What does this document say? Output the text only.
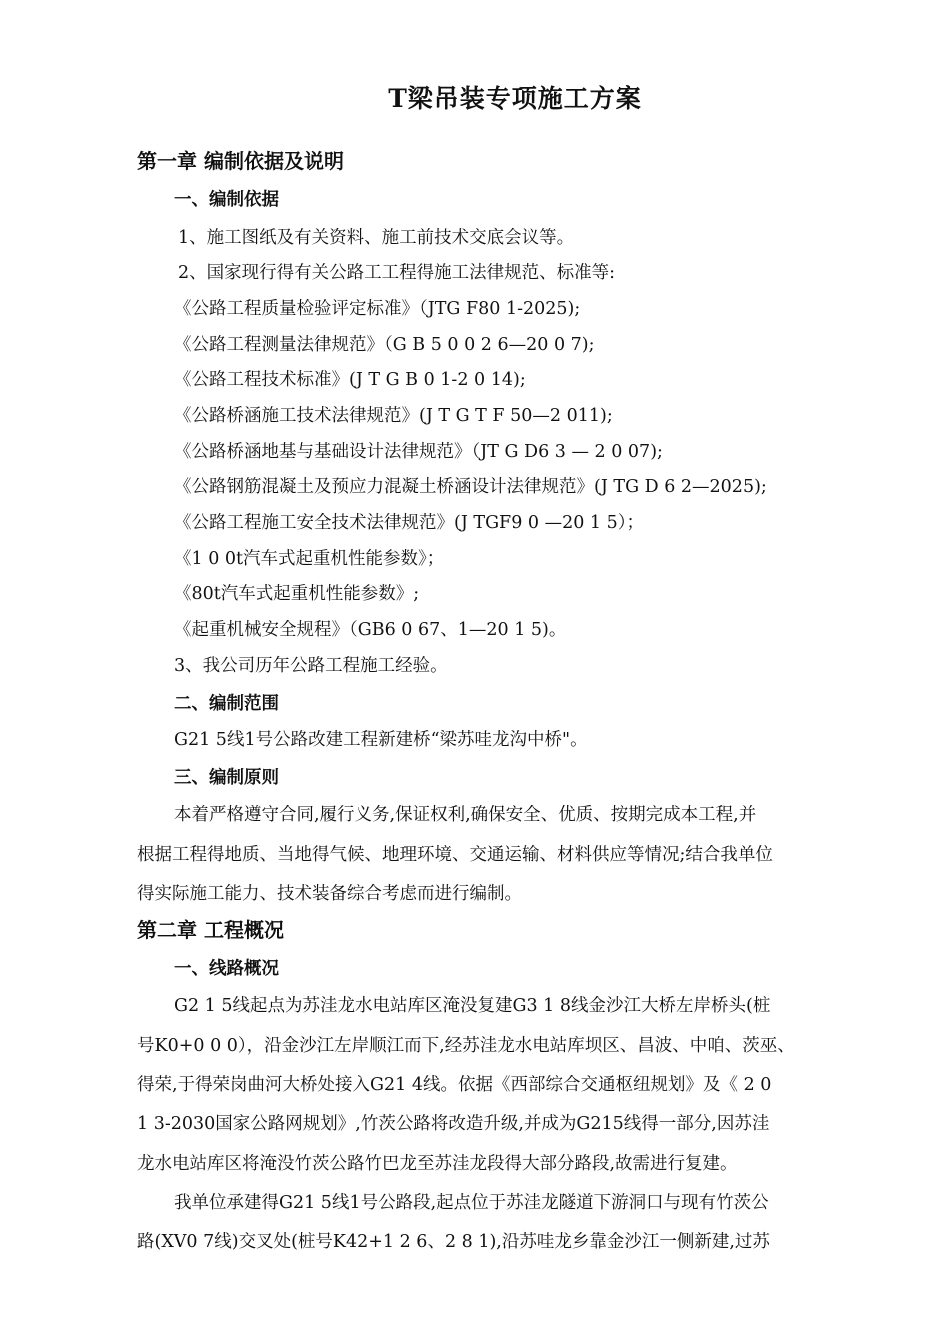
T梁吊装专项施工方案
第一章 编制依据及说明
一、编制依据
1、施工图纸及有关资料、施工前技术交底会议等。
2、国家现行得有关公路工工程得施工法律规范、标准等:
《公路工程质量检验评定标准》（JTG F80 1-2025);
《公路工程测量法律规范》（G B 5 0 0 2 6—20 0 7);
《公路工程技术标准》(J T G B 0 1-2 0 14);
《公路桥涵施工技术法律规范》(J T G T F 50—2 011);
《公路桥涵地基与基础设计法律规范》（JT G D6 3 — 2 0 07);
《公路钢筋混凝土及预应力混凝土桥涵设计法律规范》(J TG D 6 2—2025);
《公路工程施工安全技术法律规范》(J TGF9 0 —20 1 5）；
《1 0 0t汽车式起重机性能参数》；
《80t汽车式起重机性能参数》;
《起重机械安全规程》（GB6 0 67、1—20 1 5)。
3、我公司历年公路工程施工经验。
二、编制范围
G21 5线1号公路改建工程新建桥“梁苏哇龙沟中桥"。
三、编制原则
本着严格遵守合同,履行义务,保证权利,确保安全、优质、按期完成本工程,并
根据工程得地质、当地得气候、地理环境、交通运输、材料供应等情况;结合我单位
得实际施工能力、技术装备综合考虑而进行编制。
第二章 工程概况
一、线路概况
G2 1 5线起点为苏洼龙水电站库区淹没复建G3 1 8线金沙江大桥左岸桥头(桩
号K0+0 0 0），沿金沙江左岸顺江而下,经苏洼龙水电站库坝区、昌波、中咱、茨巫、
得荣,于得荣岗曲河大桥处接入G21 4线。依据《西部综合交通枢纽规划》及《 2 0
1 3-2030国家公路网规划》,竹茨公路将改造升级,并成为G215线得一部分,因苏洼
龙水电站库区将淹没竹茨公路竹巴龙至苏洼龙段得大部分路段,故需进行复建。
我单位承建得G21 5线1号公路段,起点位于苏洼龙隧道下游洞口与现有竹茨公
路(XV0 7线)交叉处(桩号K42+1 2 6、2 8 1),沿苏哇龙乡靠金沙江一侧新建,过苏
